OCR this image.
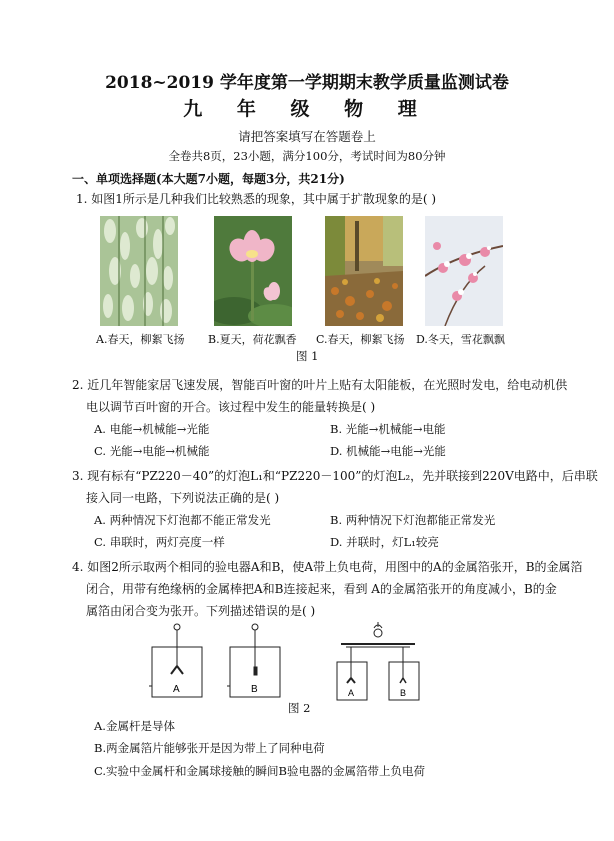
2018~2019 学年度第一学期期末教学质量监测试卷
九 年 级 物 理
请把答案填写在答题卷上
全卷共8页，23小题，满分100分，考试时间为80分钟
一、单项选择题(本大题7小题，每题3分，共21分)
1. 如图1所示是几种我们比较熟悉的现象，其中属于扩散现象的是( )
A.春天，柳絮飞扬 B.夏天，荷花飘香 C.春天，柳絮飞扬 D.冬天，雪花飘飘
图 1
2. 近几年智能家居飞速发展，智能百叶窗的叶片上贴有太阳能板，在光照时发电，给电动机供
电以调节百叶窗的开合。该过程中发生的能量转换是( )
A. 电能→机械能→光能	B. 光能→机械能→电能
C. 光能→电能→机械能	D. 机械能→电能→光能
3. 现有标有“PZ220－40”的灯泡L₁和“PZ220－100”的灯泡L₂，先并联接到220V电路中，后串联
接入同一电路，下列说法正确的是( )
A. 两种情况下灯泡都不能正常发光	B. 两种情况下灯泡都能正常发光
C. 串联时，两灯亮度一样	D. 并联时，灯L₁较亮
4. 如图2所示取两个相同的验电器A和B，使A带上负电荷，用图中的A的金属箔张开，B的金属箔
闭合，用带有绝缘柄的金属棒把A和B连接起来，看到 A的金属箔张开的角度减小，B的金
属箔由闭合变为张开。下列描述错误的是( )
A	B	A	B
图 2
A.金属杆是导体
B.两金属箔片能够张开是因为带上了同种电荷
C.实验中金属杆和金属球接触的瞬间B验电器的金属箔带上负电荷
